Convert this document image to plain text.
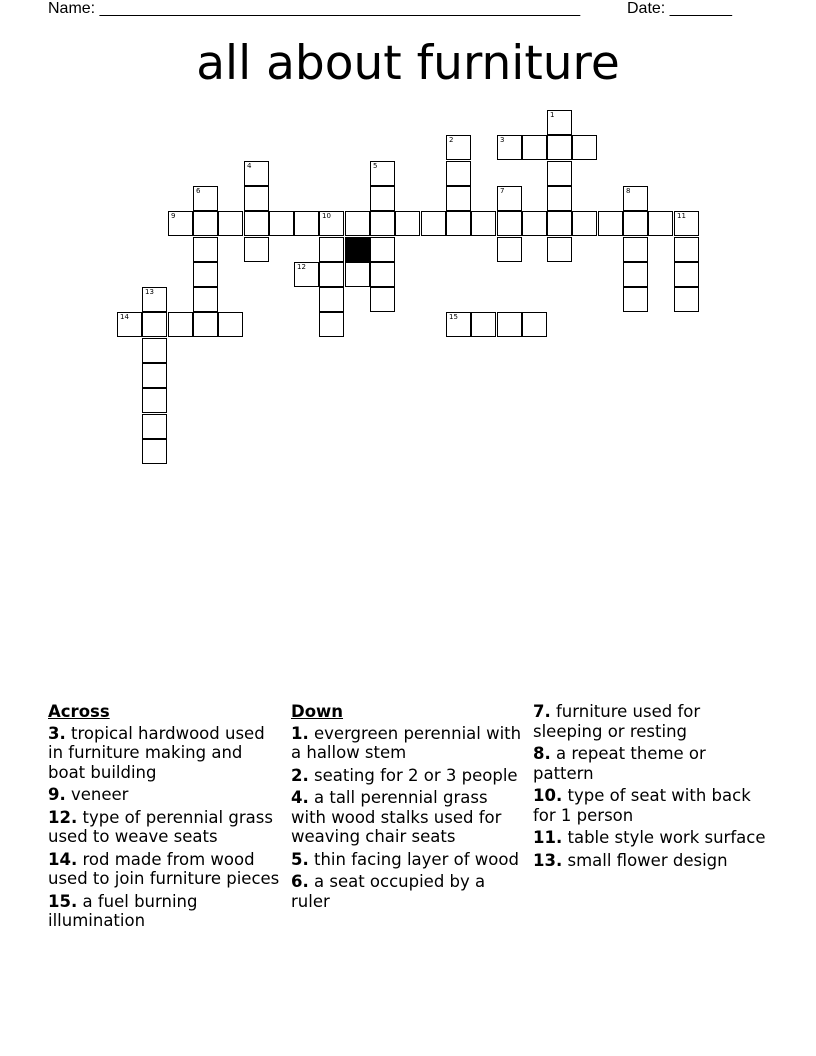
Name: ______________________________________________________	Date: _______
all about furniture
1
2	3
4	5
6	7	8
9	10	11
12
13
14	15
Across
3. tropical hardwood used in furniture making and boat building
9. veneer
12. type of perennial grass used to weave seats
14. rod made from wood used to join furniture pieces
15. a fuel burning illumination
Down
1. evergreen perennial with a hallow stem
2. seating for 2 or 3 people
4. a tall perennial grass with wood stalks used for weaving chair seats
5. thin facing layer of wood
6. a seat occupied by a ruler
7. furniture used for sleeping or resting
8. a repeat theme or pattern
10. type of seat with back for 1 person
11. table style work surface
13. small flower design
